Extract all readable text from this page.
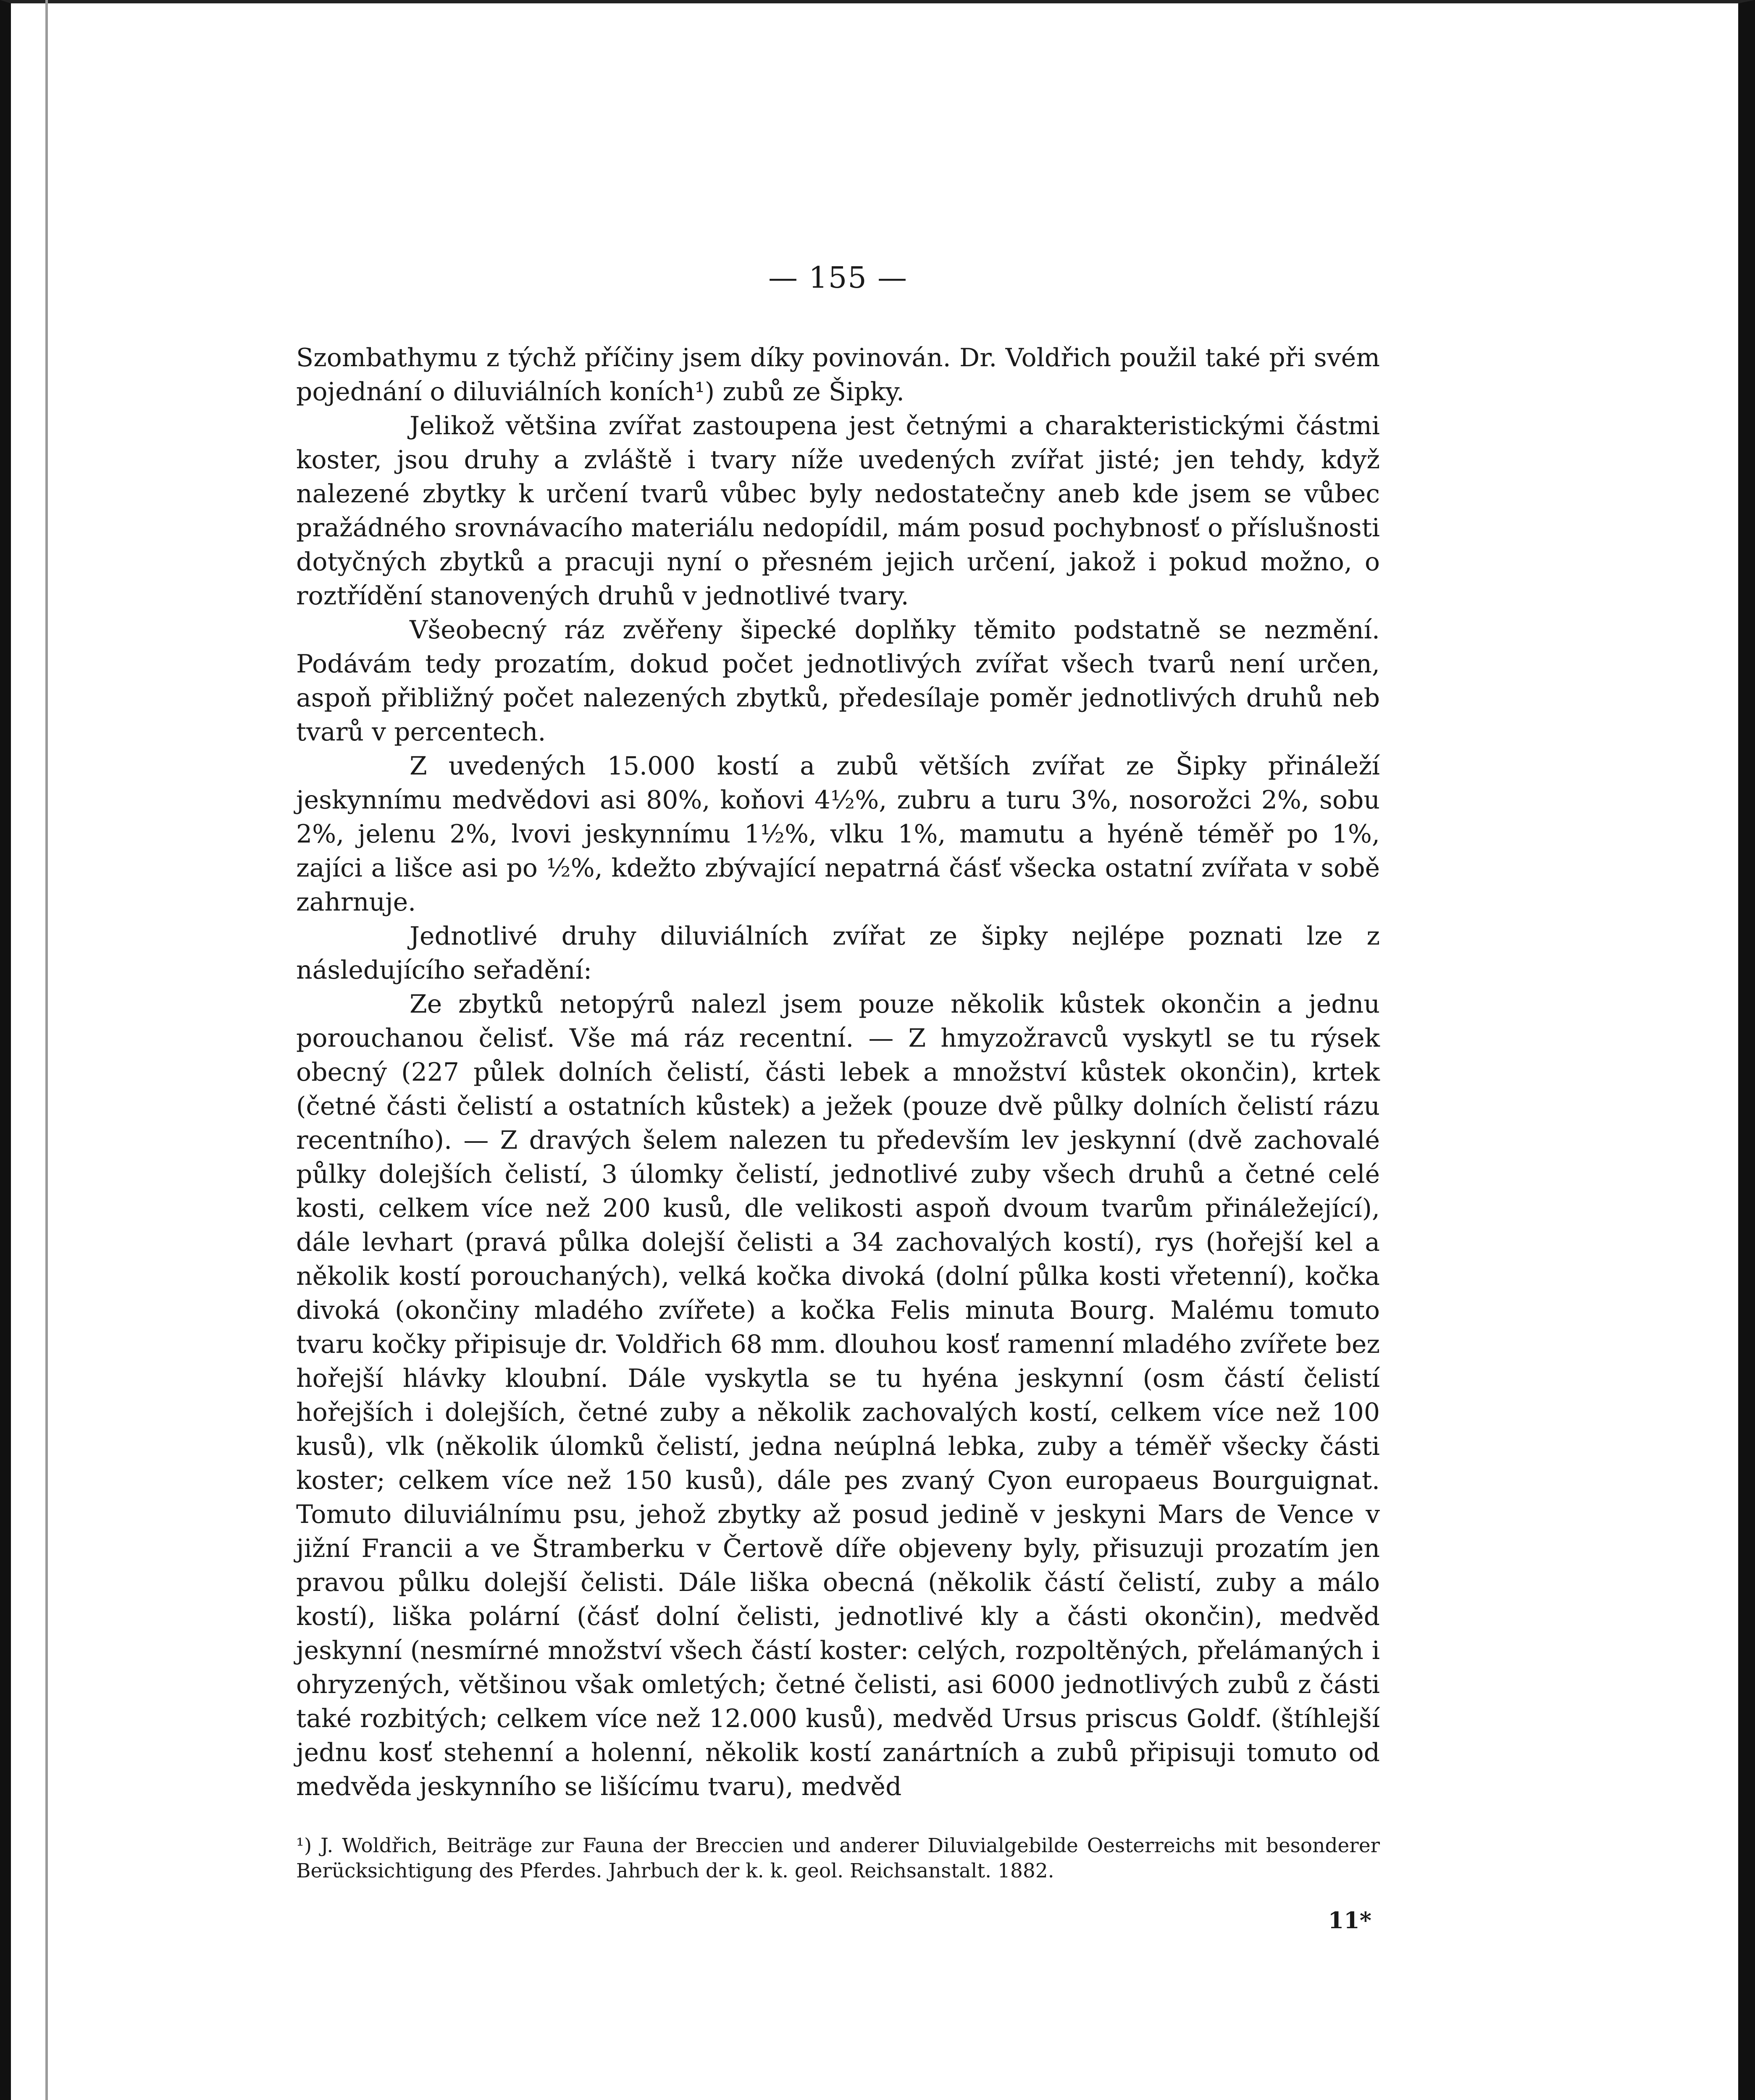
— 155 —

Szombathymu z týchž příčiny jsem díky povinován. Dr. Voldřich použil také při svém pojednání o diluviálních koních¹) zubů ze Šipky.

Jelikož většina zvířat zastoupena jest četnými a charakteristickými částmi koster, jsou druhy a zvláště i tvary níže uvedených zvířat jisté; jen tehdy, když nalezené zbytky k určení tvarů vůbec byly nedostatečny aneb kde jsem se vůbec pražádného srovnávacího materiálu nedopídil, mám posud pochybnosť o příslušnosti dotyčných zbytků a pracuji nyní o přesném jejich určení, jakož i pokud možno, o roztřídění stanovených druhů v jednotlivé tvary.

Všeobecný ráz zvěřeny šipecké doplňky těmito podstatně se nezmění. Podávám tedy prozatím, dokud počet jednotlivých zvířat všech tvarů není určen, aspoň přibližný počet nalezených zbytků, předesílaje poměr jednotlivých druhů neb tvarů v percentech.

Z uvedených 15.000 kostí a zubů větších zvířat ze Šipky přináleží jeskynnímu medvědovi asi 80%, koňovi 4½%, zubru a turu 3%, nosorožci 2%, sobu 2%, jelenu 2%, lvovi jeskynnímu 1½%, vlku 1%, mamutu a hyéně téměř po 1%, zajíci a lišce asi po ½%, kdežto zbývající nepatrná čásť všecka ostatní zvířata v sobě zahrnuje.

Jednotlivé druhy diluviálních zvířat ze šipky nejlépe poznati lze z následujícího seřadění:

Ze zbytků netopýrů nalezl jsem pouze několik kůstek okončin a jednu porouchanou čelisť. Vše má ráz recentní. — Z hmyzožravců vyskytl se tu rýsek obecný (227 půlek dolních čelistí, části lebek a množství kůstek okončin), krtek (četné části čelistí a ostatních kůstek) a ježek (pouze dvě půlky dolních čelistí rázu recentního). — Z dravých šelem nalezen tu především lev jeskynní (dvě zachovalé půlky dolejších čelistí, 3 úlomky čelistí, jednotlivé zuby všech druhů a četné celé kosti, celkem více než 200 kusů, dle velikosti aspoň dvoum tvarům přináležející), dále levhart (pravá půlka dolejší čelisti a 34 zachovalých kostí), rys (hořejší kel a několik kostí porouchaných), velká kočka divoká (dolní půlka kosti vřetenní), kočka divoká (okončiny mladého zvířete) a kočka Felis minuta Bourg. Malému tomuto tvaru kočky připisuje dr. Voldřich 68 mm. dlouhou kosť ramenní mladého zvířete bez hořejší hlávky kloubní. Dále vyskytla se tu hyéna jeskynní (osm částí čelistí hořejších i dolejších, četné zuby a několik zachovalých kostí, celkem více než 100 kusů), vlk (několik úlomků čelistí, jedna neúplná lebka, zuby a téměř všecky části koster; celkem více než 150 kusů), dále pes zvaný Cyon europaeus Bourguignat. Tomuto diluviálnímu psu, jehož zbytky až posud jedině v jeskyni Mars de Vence v jižní Francii a ve Štramberku v Čertově díře objeveny byly, přisuzuji prozatím jen pravou půlku dolejší čelisti. Dále liška obecná (několik částí čelistí, zuby a málo kostí), liška polární (čásť dolní čelisti, jednotlivé kly a části okončin), medvěd jeskynní (nesmírné množství všech částí koster: celých, rozpoltěných, přelámaných i ohryzených, většinou však omletých; četné čelisti, asi 6000 jednotlivých zubů z části také rozbitých; celkem více než 12.000 kusů), medvěd Ursus priscus Goldf. (štíhlejší jednu kosť stehenní a holenní, několik kostí zanártních a zubů připisuji tomuto od medvěda jeskynního se lišícímu tvaru), medvěd

¹) J. Woldřich, Beiträge zur Fauna der Breccien und anderer Diluvialgebilde Oesterreichs mit besonderer Berücksichtigung des Pferdes. Jahrbuch der k. k. geol. Reichsanstalt. 1882.
11*
